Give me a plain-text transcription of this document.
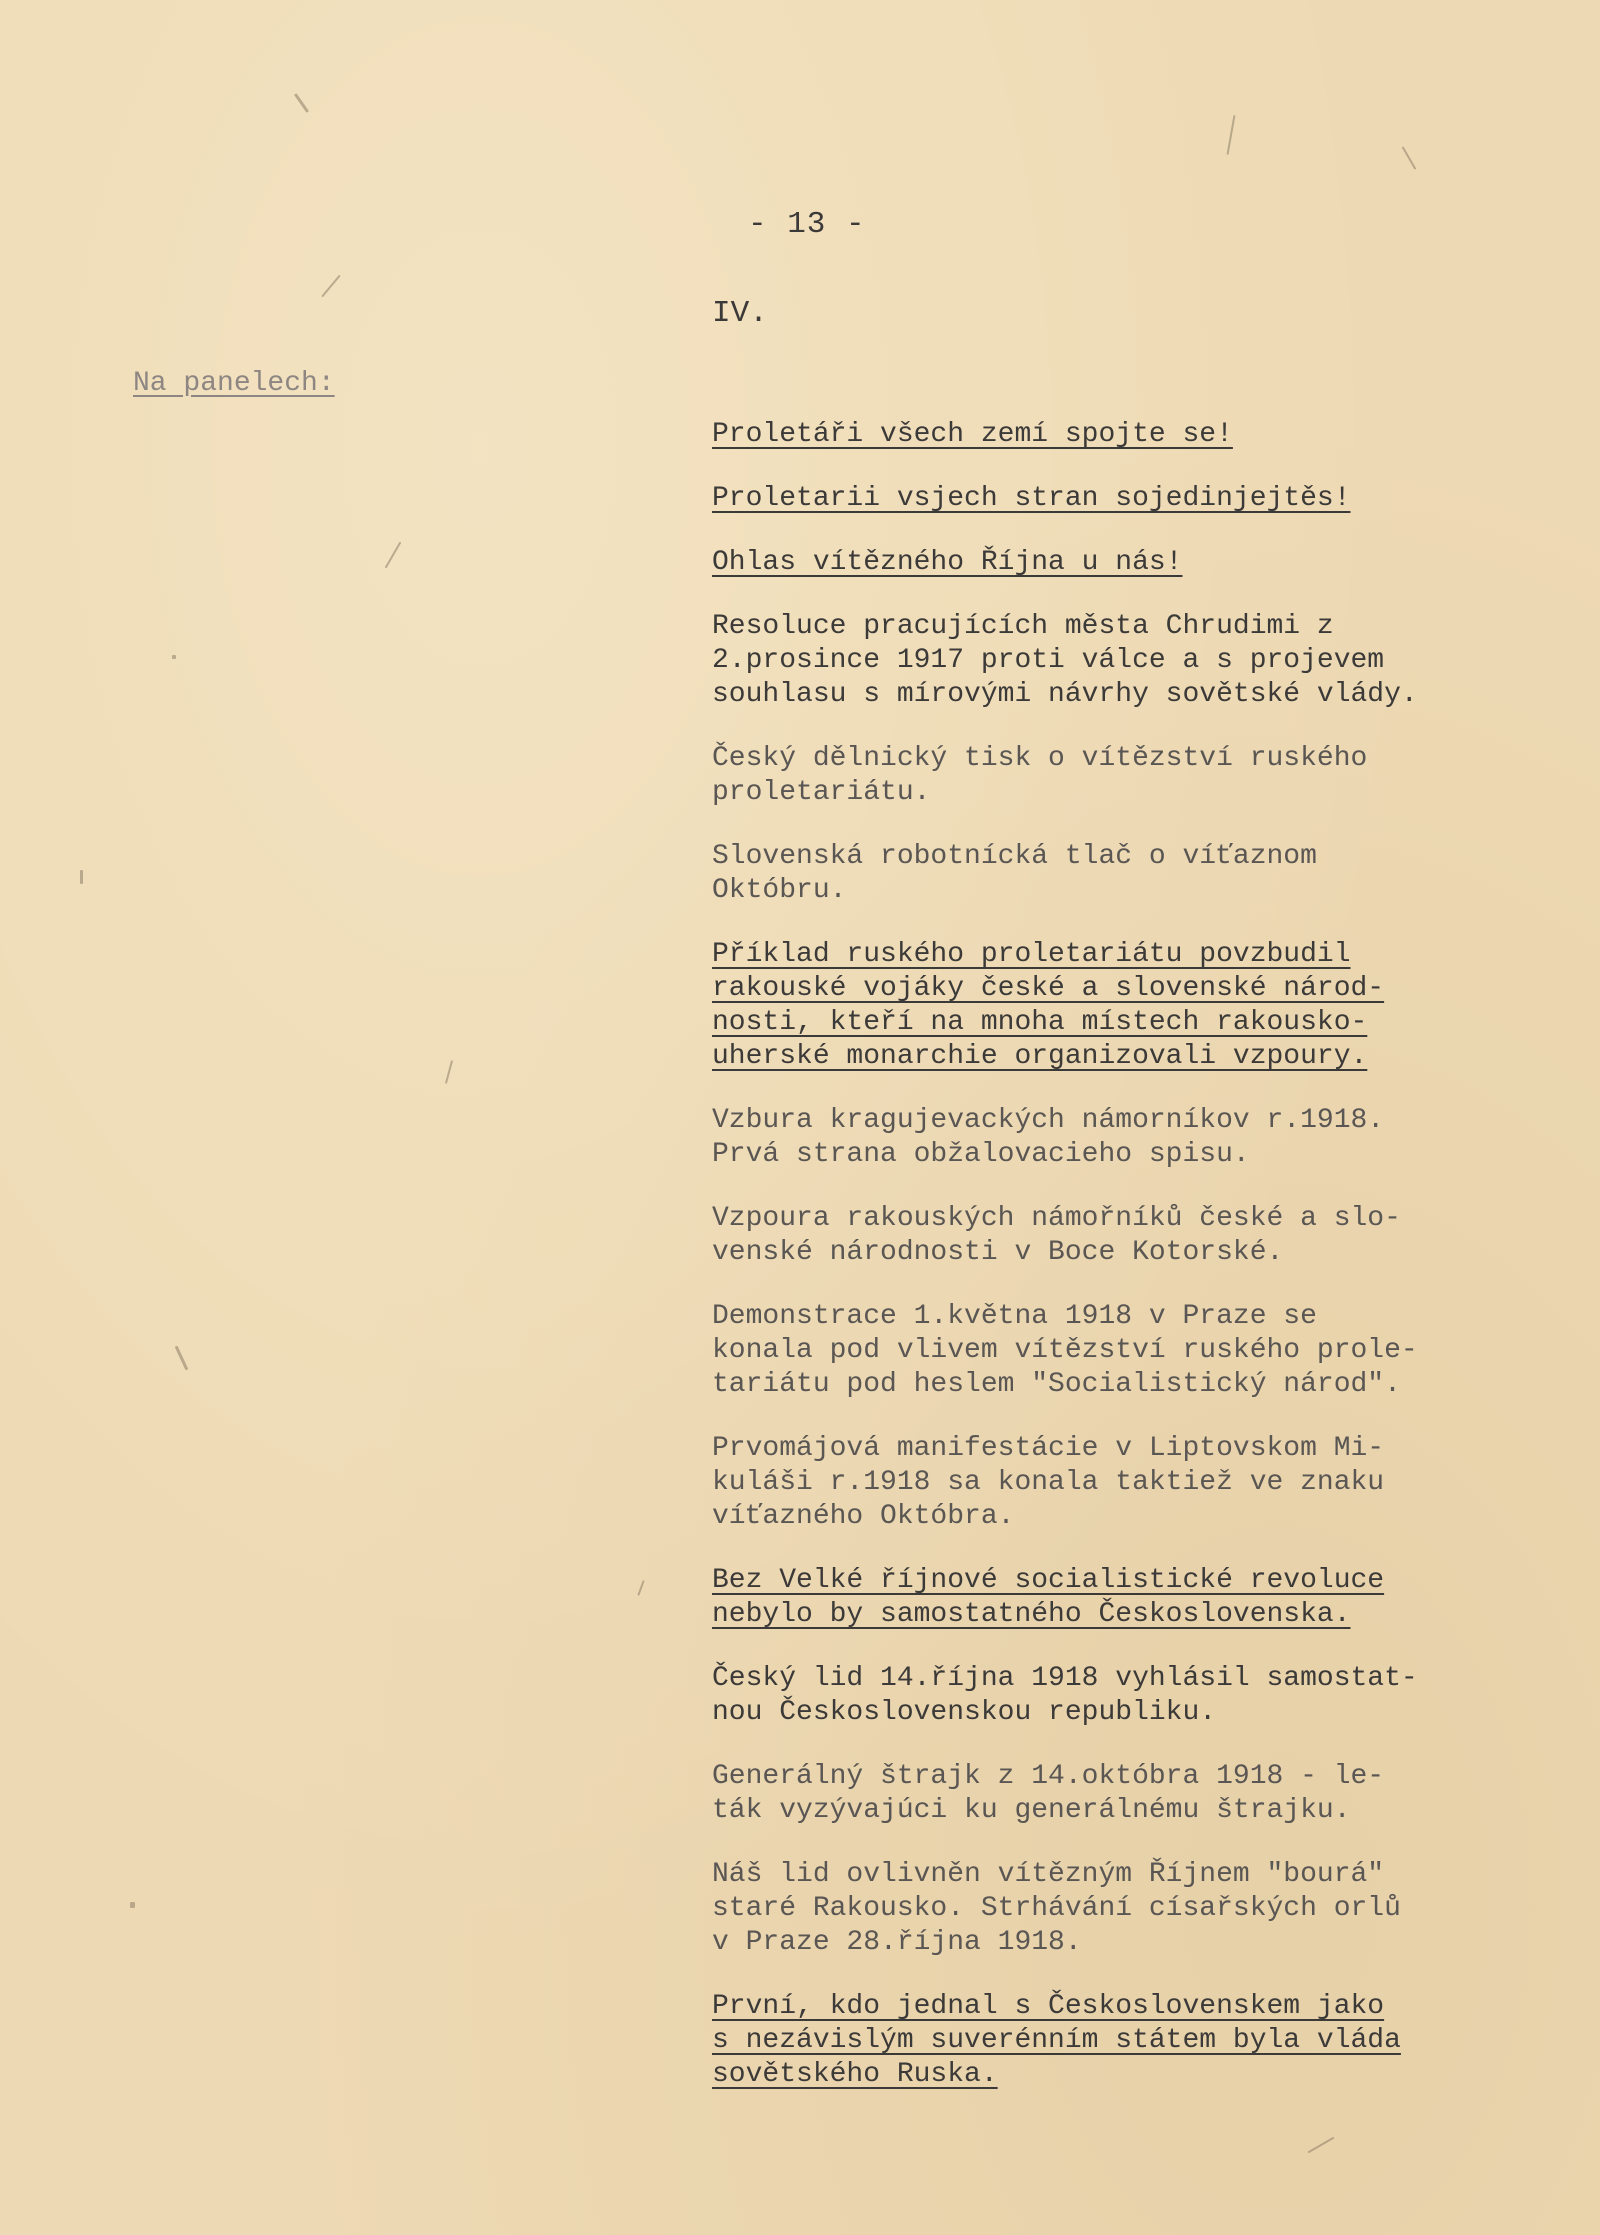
- 13 -
IV.
Na panelech:
Proletáři všech zemí spojte se!
Proletarii vsjech stran sojedinjejtěs!
Ohlas vítězného Října u nás!
Resoluce pracujících města Chrudimi z
2.prosince 1917 proti válce a s projevem
souhlasu s mírovými návrhy sovětské vlády.
Český dělnický tisk o vítězství ruského
proletariátu.
Slovenská robotnícká tlač o víťaznom
Októbru.
Příklad ruského proletariátu povzbudil
rakouské vojáky české a slovenské národ-
nosti, kteří na mnoha místech rakousko-
uherské monarchie organizovali vzpoury.
Vzbura kragujevackých námorníkov r.1918.
Prvá strana obžalovacieho spisu.
Vzpoura rakouských námořníků české a slo-
venské národnosti v Boce Kotorské.
Demonstrace 1.května 1918 v Praze se
konala pod vlivem vítězství ruského prole-
tariátu pod heslem "Socialistický národ".
Prvomájová manifestácie v Liptovskom Mi-
kuláši r.1918 sa konala taktiež ve znaku
víťazného Októbra.
Bez Velké říjnové socialistické revoluce
nebylo by samostatného Československa.
Český lid 14.října 1918 vyhlásil samostat-
nou Československou republiku.
Generálný štrajk z 14.októbra 1918 - le-
ták vyzývajúci ku generálnému štrajku.
Náš lid ovlivněn vítězným Říjnem "bourá"
staré Rakousko. Strhávání císařských orlů
v Praze 28.října 1918.
První, kdo jednal s Československem jako
s nezávislým suverénním státem byla vláda
sovětského Ruska.
